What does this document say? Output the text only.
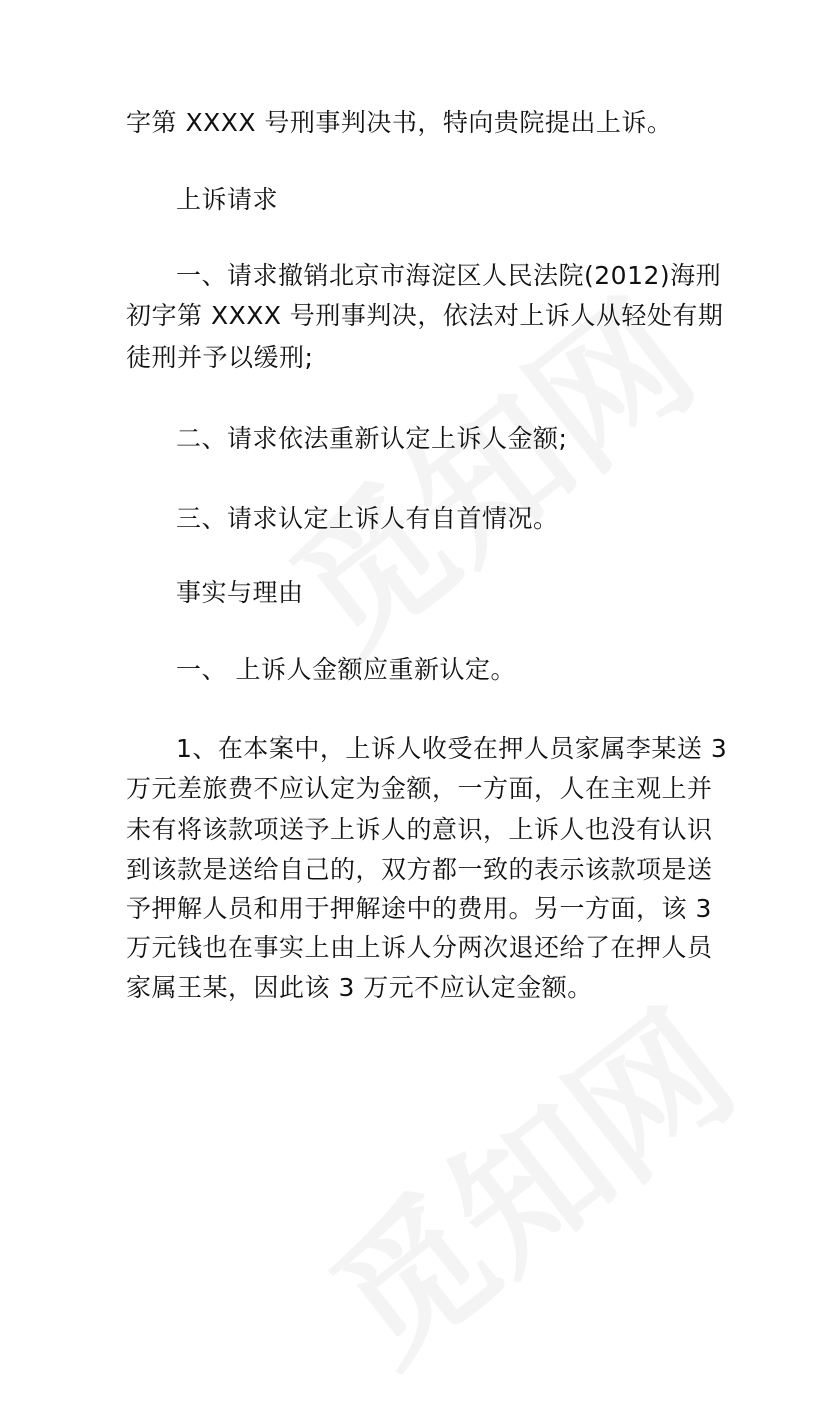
字第 XXXX 号刑事判决书，特向贵院提出上诉。
上诉请求
一、请求撤销北京市海淀区人民法院(2012)海刑
初字第 XXXX 号刑事判决，依法对上诉人从轻处有期
徒刑并予以缓刑;
二、请求依法重新认定上诉人金额;
三、请求认定上诉人有自首情况。
事实与理由
一、 上诉人金额应重新认定。
1、在本案中，上诉人收受在押人员家属李某送 3
万元差旅费不应认定为金额，一方面，人在主观上并
未有将该款项送予上诉人的意识，上诉人也没有认识
到该款是送给自己的，双方都一致的表示该款项是送
予押解人员和用于押解途中的费用。另一方面，该 3
万元钱也在事实上由上诉人分两次退还给了在押人员
家属王某，因此该 3 万元不应认定金额。
